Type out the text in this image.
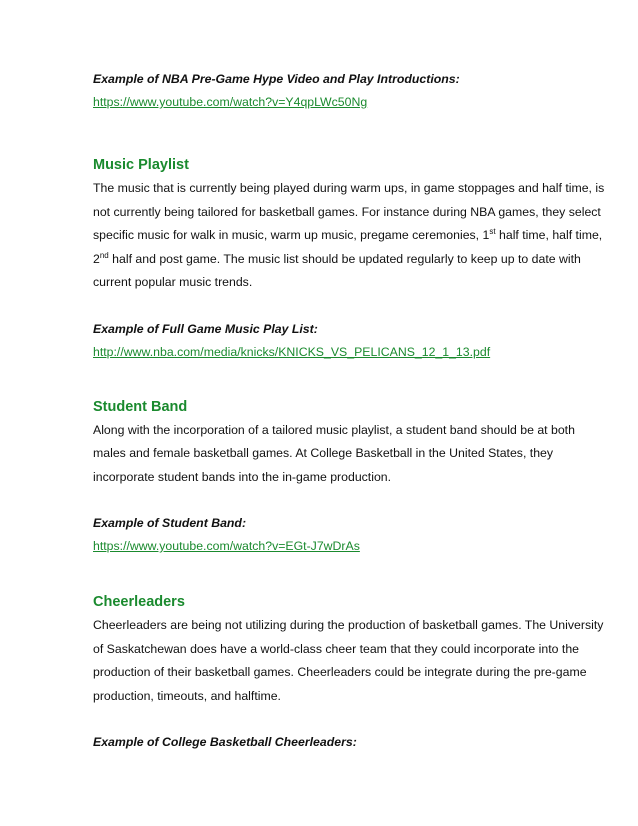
Example of NBA Pre-Game Hype Video and Play Introductions:

https://www.youtube.com/watch?v=Y4qpLWc50Ng
Music Playlist

The music that is currently being played during warm ups, in game stoppages and half time, is not currently being tailored for basketball games. For instance during NBA games, they select specific music for walk in music, warm up music, pregame ceremonies, 1st half time, half time, 2nd half and post game. The music list should be updated regularly to keep up to date with current popular music trends.

Example of Full Game Music Play List:

http://www.nba.com/media/knicks/KNICKS_VS_PELICANS_12_1_13.pdf
Student Band

Along with the incorporation of a tailored music playlist, a student band should be at both males and female basketball games. At College Basketball in the United States, they incorporate student bands into the in-game production.

Example of Student Band:

https://www.youtube.com/watch?v=EGt-J7wDrAs
Cheerleaders

Cheerleaders are being not utilizing during the production of basketball games. The University of Saskatchewan does have a world-class cheer team that they could incorporate into the production of their basketball games. Cheerleaders could be integrate during the pre-game production, timeouts, and halftime.

Example of College Basketball Cheerleaders:
